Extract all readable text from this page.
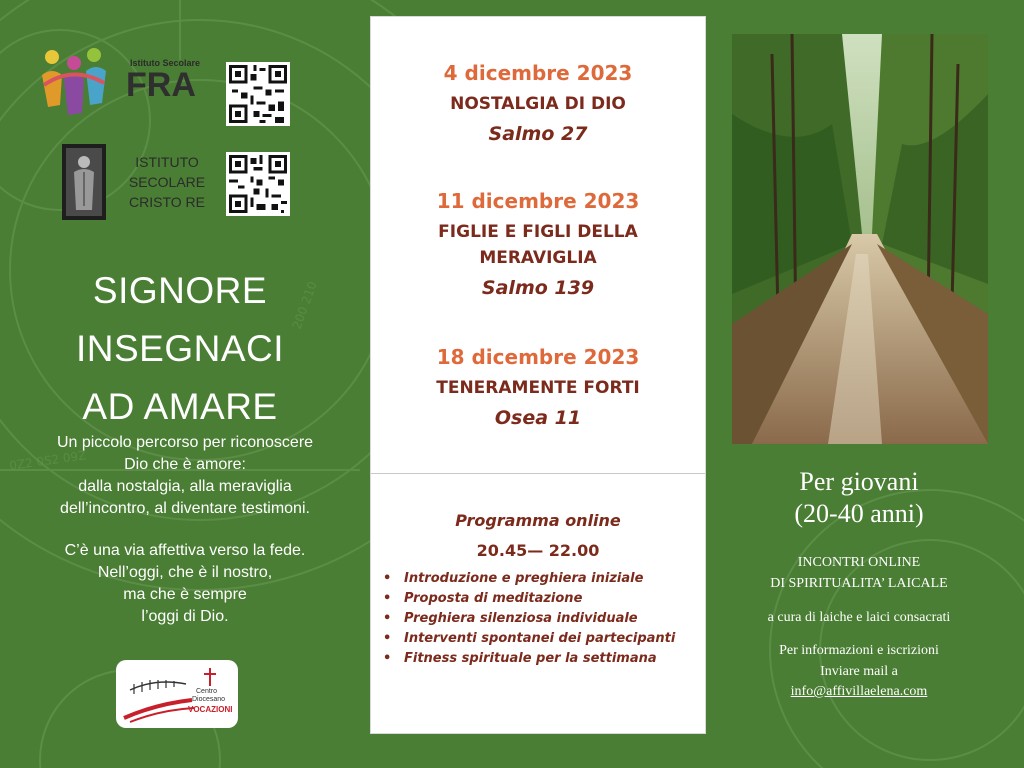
0Z2 0S2 09Z
200 210
Istituto Secolare
FRA
ISTITUTO
SECOLARE
CRISTO RE
SIGNORE
INSEGNACI
AD AMARE
Un piccolo percorso per riconoscere
Dio che è amore:
dalla nostalgia, alla meraviglia
dell’incontro, al diventare testimoni.
C’è una via affettiva verso la fede.
Nell’oggi, che è il nostro,
ma che è sempre
l’oggi di Dio.
Centro
Diocesano
VOCAZIONI
4 dicembre 2023
NOSTALGIA DI DIO
Salmo 27
11 dicembre 2023
FIGLIE E FIGLI DELLA
MERAVIGLIA
Salmo 139
18 dicembre 2023
TENERAMENTE FORTI
Osea 11
Programma online
20.45— 22.00
• Introduzione e preghiera iniziale
• Proposta di meditazione
• Preghiera silenziosa individuale
• Interventi spontanei dei partecipanti
• Fitness spirituale per la settimana
Per giovani
(20-40 anni)
INCONTRI ONLINE
DI SPIRITUALITA’ LAICALE
a cura di laiche e laici consacrati
Per informazioni e iscrizioni
Inviare mail a
info@affivillaelena.com
